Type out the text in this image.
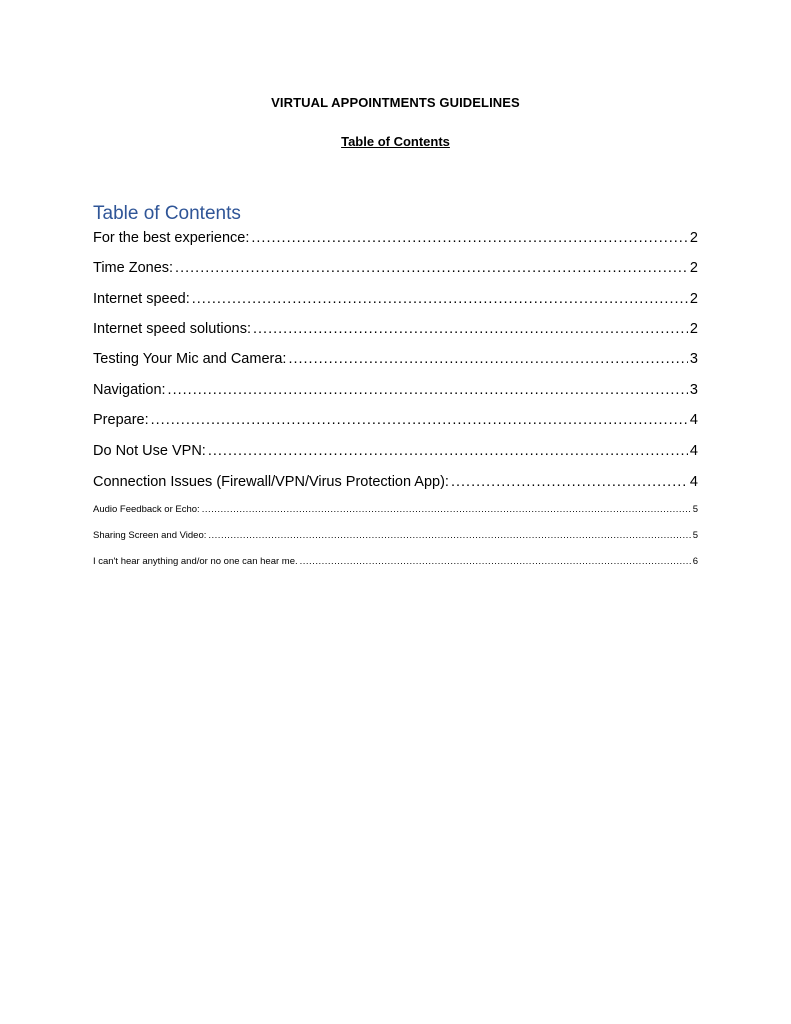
VIRTUAL APPOINTMENTS GUIDELINES
Table of Contents
Table of Contents
For the best experience: .....	2
Time Zones: .....	2
Internet speed: .....	2
Internet speed solutions: .....	2
Testing Your Mic and Camera: .....	3
Navigation: .....	3
Prepare: .....	4
Do Not Use VPN: .....	4
Connection Issues (Firewall/VPN/Virus Protection App): .....	4
Audio Feedback or Echo: .....	5
Sharing Screen and Video: .....	5
I can't hear anything and/or no one can hear me. .....	6
